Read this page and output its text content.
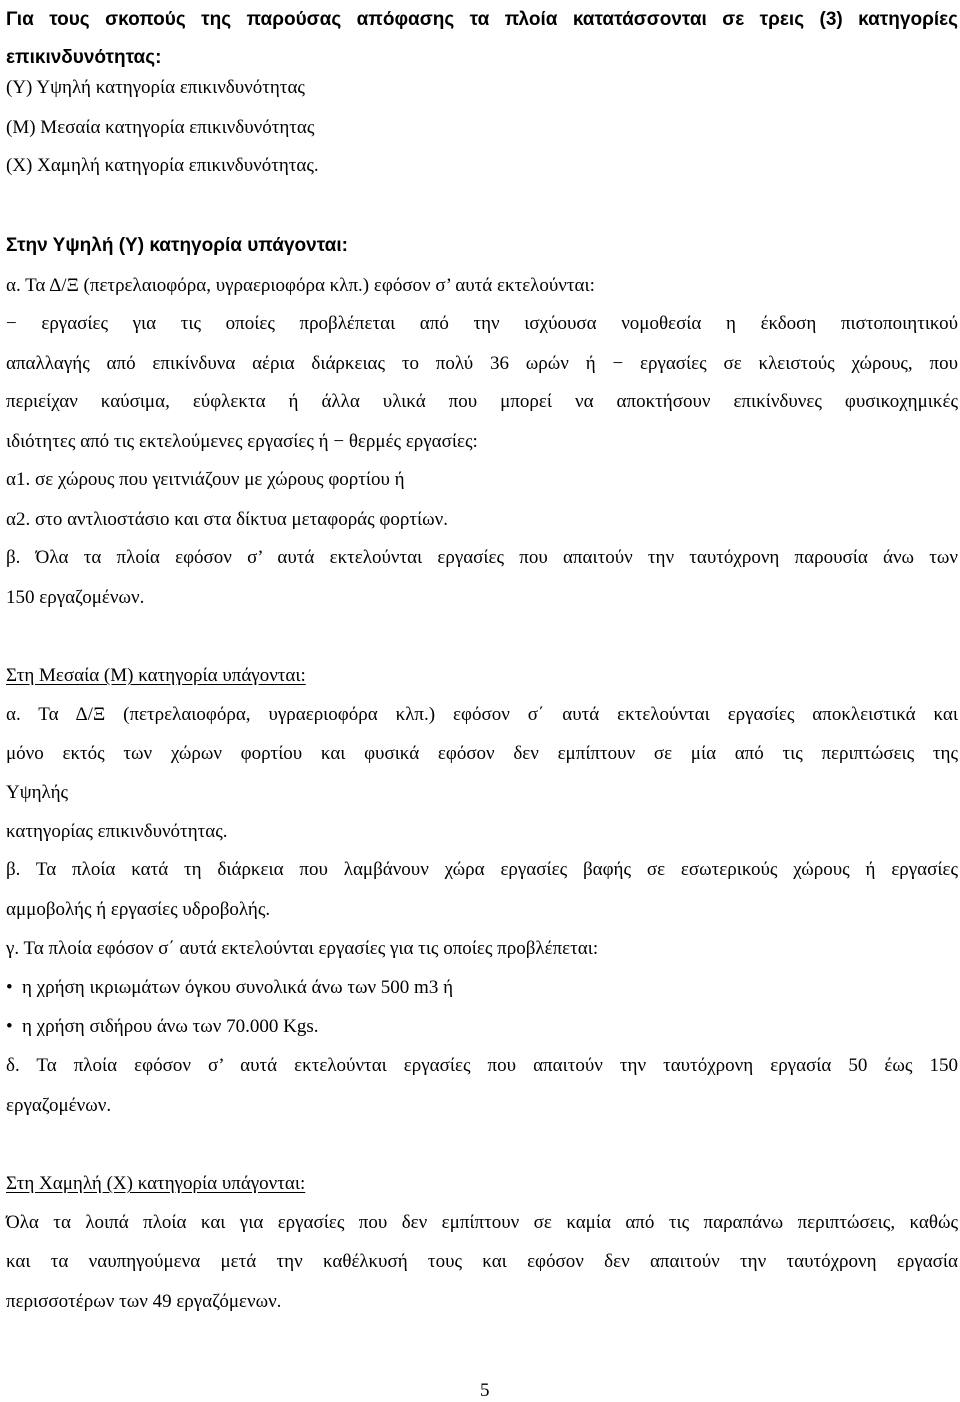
Για τους σκοπούς της παρούσας απόφασης τα πλοία κατατάσσονται σε τρεις (3) κατηγορίες
επικινδυνότητας:
(Υ) Υψηλή κατηγορία επικινδυνότητας
(Μ) Μεσαία κατηγορία επικινδυνότητας
(Χ) Χαμηλή κατηγορία επικινδυνότητας.
Στην Υψηλή (Υ) κατηγορία υπάγονται:
α. Τα Δ/Ξ (πετρελαιοφόρα, υγραεριοφόρα κλπ.) εφόσον σ’ αυτά εκτελούνται:
− εργασίες για τις οποίες προβλέπεται από την ισχύουσα νομοθεσία η έκδοση πιστοποιητικού
απαλλαγής από επικίνδυνα αέρια διάρκειας το πολύ 36 ωρών ή − εργασίες σε κλειστούς χώρους, που
περιείχαν καύσιμα, εύφλεκτα ή άλλα υλικά που μπορεί να αποκτήσουν επικίνδυνες φυσικοχημικές
ιδιότητες από τις εκτελούμενες εργασίες ή − θερμές εργασίες:
α1. σε χώρους που γειτνιάζουν με χώρους φορτίου ή
α2. στο αντλιοστάσιο και στα δίκτυα μεταφοράς φορτίων.
β. Όλα τα πλοία εφόσον σ’ αυτά εκτελούνται εργασίες που απαιτούν την ταυτόχρονη παρουσία άνω των
150 εργαζομένων.
Στη Μεσαία (Μ) κατηγορία υπάγονται:
α. Τα Δ/Ξ (πετρελαιοφόρα, υγραεριοφόρα κλπ.) εφόσον σ΄ αυτά εκτελούνται εργασίες αποκλειστικά και
μόνο εκτός των χώρων φορτίου και φυσικά εφόσον δεν εμπίπτουν σε μία από τις περιπτώσεις της
Υψηλής
κατηγορίας επικινδυνότητας.
β. Τα πλοία κατά τη διάρκεια που λαμβάνουν χώρα εργασίες βαφής σε εσωτερικούς χώρους ή εργασίες
αμμοβολής ή εργασίες υδροβολής.
γ. Τα πλοία εφόσον σ΄ αυτά εκτελούνται εργασίες για τις οποίες προβλέπεται:
• η χρήση ικριωμάτων όγκου συνολικά άνω των 500 m3 ή
• η χρήση σιδήρου άνω των 70.000 Kgs.
δ. Τα πλοία εφόσον σ’ αυτά εκτελούνται εργασίες που απαιτούν την ταυτόχρονη εργασία 50 έως 150
εργαζομένων.
Στη Χαμηλή (Χ) κατηγορία υπάγονται:
Όλα τα λοιπά πλοία και για εργασίες που δεν εμπίπτουν σε καμία από τις παραπάνω περιπτώσεις, καθώς
και τα ναυπηγούμενα μετά την καθέλκυσή τους και εφόσον δεν απαιτούν την ταυτόχρονη εργασία
περισσοτέρων των 49 εργαζόμενων.
5
